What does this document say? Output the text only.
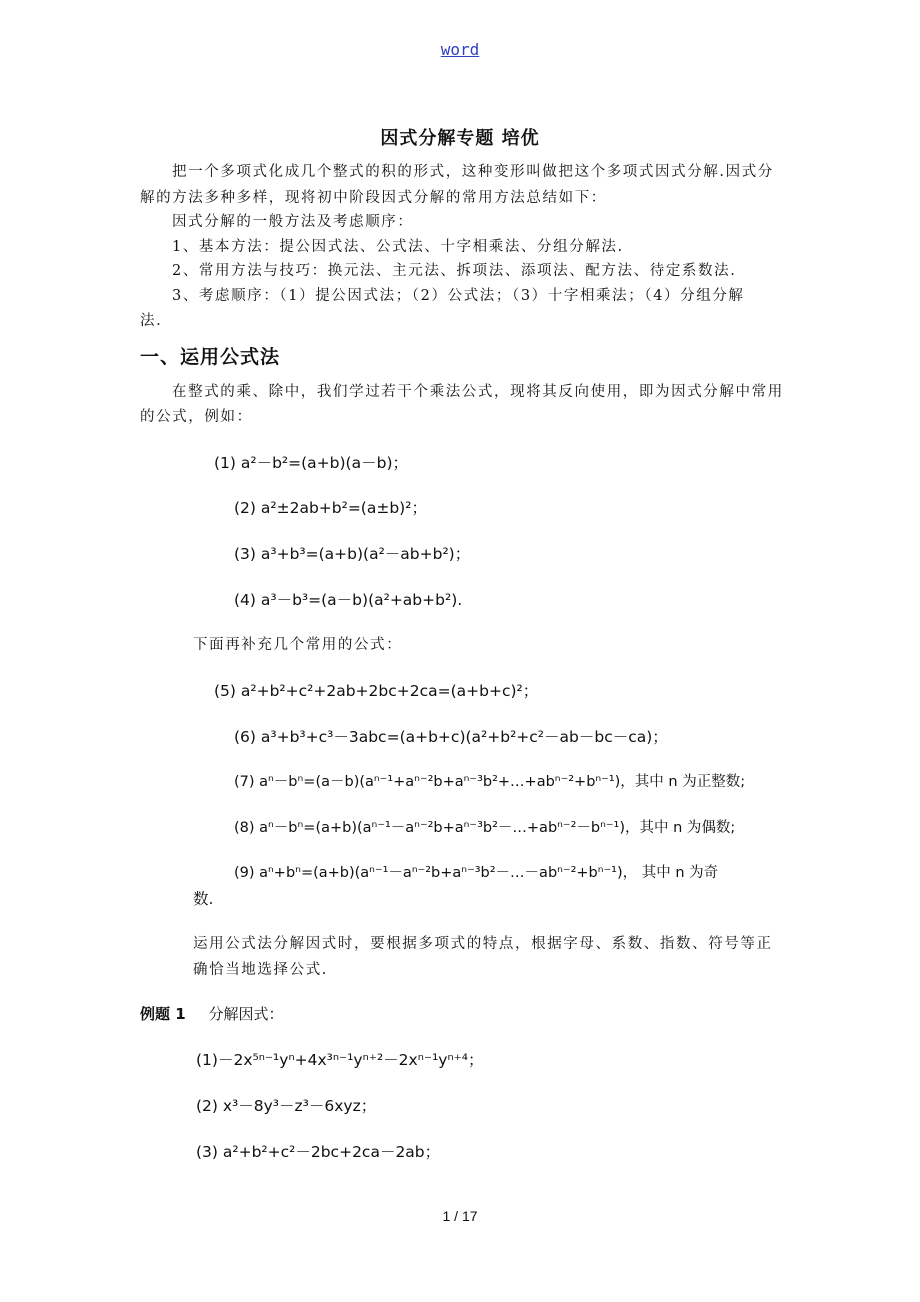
word
因式分解专题 培优
把一个多项式化成几个整式的积的形式，这种变形叫做把这个多项式因式分解.因式分
解的方法多种多样，现将初中阶段因式分解的常用方法总结如下：
因式分解的一般方法及考虑顺序：
1、基本方法：提公因式法、公式法、十字相乘法、分组分解法.
2、常用方法与技巧：换元法、主元法、拆项法、添项法、配方法、待定系数法.
3、考虑顺序：（1）提公因式法；（2）公式法；（3）十字相乘法；（4）分组分解
法.
一、运用公式法
在整式的乘、除中，我们学过若干个乘法公式，现将其反向使用，即为因式分解中常用
的公式，例如：
(1) a²－b²=(a+b)(a－b)；
(2) a²±2ab+b²=(a±b)²；
(3) a³+b³=(a+b)(a²－ab+b²)；
(4) a³－b³=(a－b)(a²+ab+b²).
下面再补充几个常用的公式：
(5) a²+b²+c²+2ab+2bc+2ca=(a+b+c)²；
(6) a³+b³+c³－3abc=(a+b+c)(a²+b²+c²－ab－bc－ca)；
(7) aⁿ－bⁿ=(a－b)(aⁿ⁻¹+aⁿ⁻²b+aⁿ⁻³b²+…+abⁿ⁻²+bⁿ⁻¹)，其中 n 为正整数;
(8) aⁿ－bⁿ=(a+b)(aⁿ⁻¹－aⁿ⁻²b+aⁿ⁻³b²－…+abⁿ⁻²－bⁿ⁻¹)，其中 n 为偶数;
(9) aⁿ+bⁿ=(a+b)(aⁿ⁻¹－aⁿ⁻²b+aⁿ⁻³b²－…－abⁿ⁻²+bⁿ⁻¹)， 其中 n 为奇
数.
运用公式法分解因式时，要根据多项式的特点，根据字母、系数、指数、符号等正
确恰当地选择公式.
例题 1 分解因式：
(1)－2x⁵ⁿ⁻¹yⁿ+4x³ⁿ⁻¹yⁿ⁺²－2xⁿ⁻¹yⁿ⁺⁴；
(2) x³－8y³－z³－6xyz；
(3) a²+b²+c²－2bc+2ca－2ab；
1 / 17
